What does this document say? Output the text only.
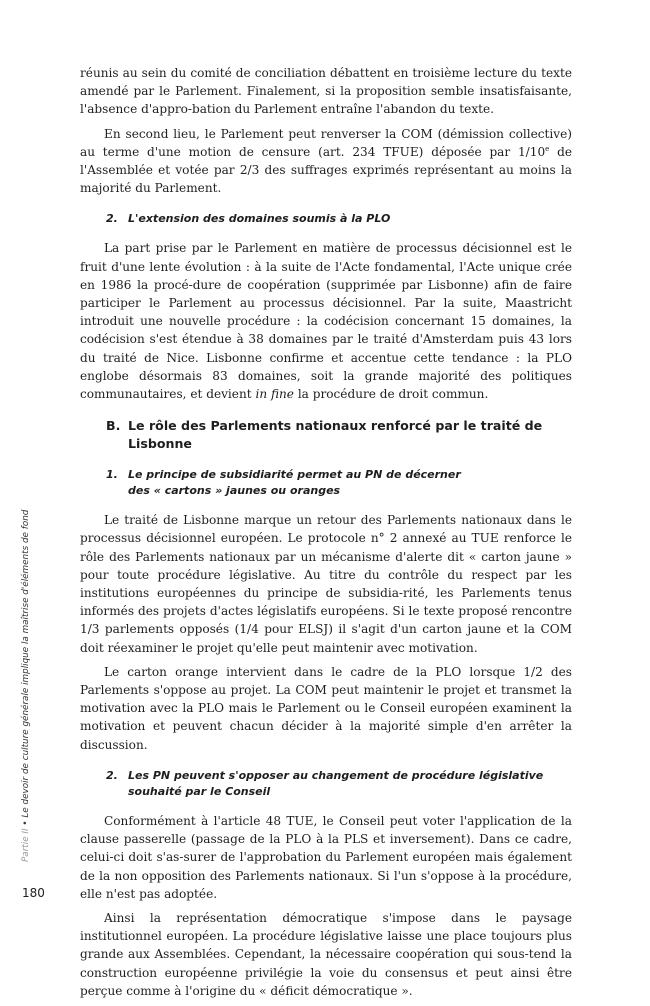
réunis au sein du comité de conciliation débattent en troisième lecture du texte amendé par le Parlement. Finalement, si la proposition semble insatisfaisante, l'absence d'appro-bation du Parlement entraîne l'abandon du texte.

En second lieu, le Parlement peut renverser la COM (démission collective) au terme d'une motion de censure (art. 234 TFUE) déposée par 1/10e de l'Assemblée et votée par 2/3 des suffrages exprimés représentant au moins la majorité du Parlement.

2. L'extension des domaines soumis à la PLO

La part prise par le Parlement en matière de processus décisionnel est le fruit d'une lente évolution : à la suite de l'Acte fondamental, l'Acte unique crée en 1986 la procé-dure de coopération (supprimée par Lisbonne) afin de faire participer le Parlement au processus décisionnel. Par la suite, Maastricht introduit une nouvelle procédure : la codécision concernant 15 domaines, la codécision s'est étendue à 38 domaines par le traité d'Amsterdam puis 43 lors du traité de Nice. Lisbonne confirme et accentue cette tendance : la PLO englobe désormais 83 domaines, soit la grande majorité des politiques communautaires, et devient in fine la procédure de droit commun.

B. Le rôle des Parlements nationaux renforcé par le traité de Lisbonne
1. Le principe de subsidiarité permet au PN de décerner
des « cartons » jaunes ou oranges

Le traité de Lisbonne marque un retour des Parlements nationaux dans le processus décisionnel européen. Le protocole n° 2 annexé au TUE renforce le rôle des Parlements nationaux par un mécanisme d'alerte dit « carton jaune » pour toute procédure législative. Au titre du contrôle du respect par les institutions européennes du principe de subsidia-rité, les Parlements tenus informés des projets d'actes législatifs européens. Si le texte proposé rencontre 1/3 parlements opposés (1/4 pour ELSJ) il s'agit d'un carton jaune et la COM doit réexaminer le projet qu'elle peut maintenir avec motivation.

Le carton orange intervient dans le cadre de la PLO lorsque 1/2 des Parlements s'oppose au projet. La COM peut maintenir le projet et transmet la motivation avec la PLO mais le Parlement ou le Conseil européen examinent la motivation et peuvent chacun décider à la majorité simple d'en arrêter la discussion.

2. Les PN peuvent s'opposer au changement de procédure législative
souhaité par le Conseil

Conformément à l'article 48 TUE, le Conseil peut voter l'application de la clause passerelle (passage de la PLO à la PLS et inversement). Dans ce cadre, celui-ci doit s'as-surer de l'approbation du Parlement européen mais également de la non opposition des Parlements nationaux. Si l'un s'oppose à la procédure, elle n'est pas adoptée.

Ainsi la représentation démocratique s'impose dans le paysage institutionnel européen. La procédure législative laisse une place toujours plus grande aux Assemblées. Cependant, la nécessaire coopération qui sous-tend la construction européenne privilégie la voie du consensus et peut ainsi être perçue comme à l'origine du « déficit démocratique ».

Partie II • Le devoir de culture générale implique la maîtrise d'éléments de fond
180
